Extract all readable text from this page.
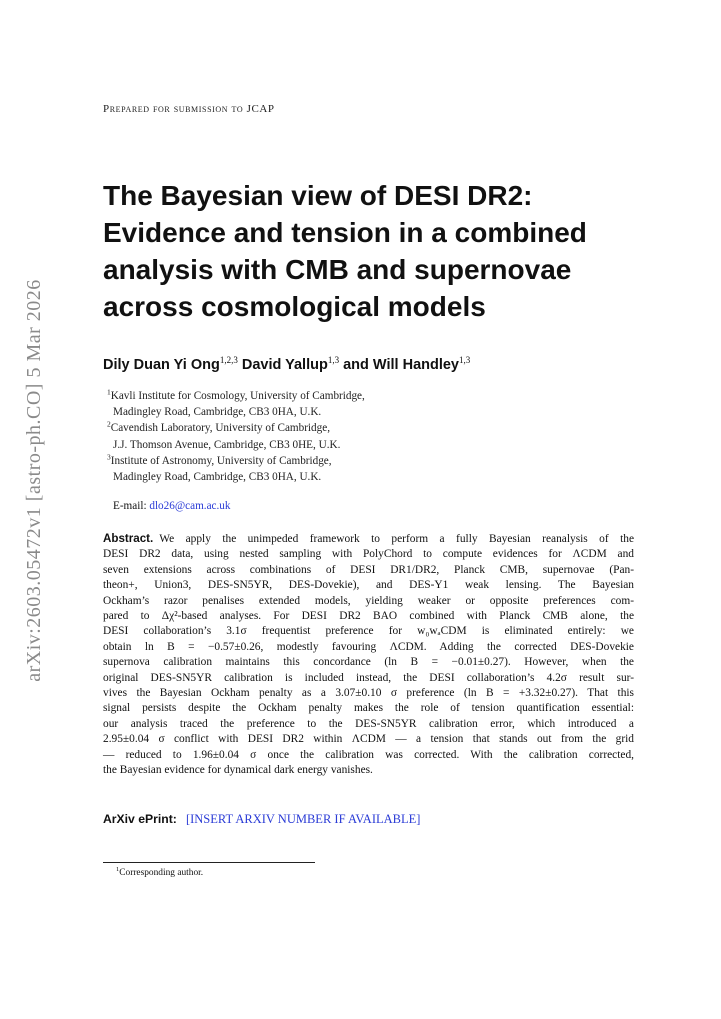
arXiv:2603.05472v1 [astro-ph.CO] 5 Mar 2026
Prepared for submission to JCAP
The Bayesian view of DESI DR2:
Evidence and tension in a combined
analysis with CMB and supernovae
across cosmological models
Dily Duan Yi Ong$^{1,2,3}$ David Yallup$^{1,3}$ and Will Handley$^{1,3}$
$^1$Kavli Institute for Cosmology, University of Cambridge,
Madingley Road, Cambridge, CB3 0HA, U.K.
$^2$Cavendish Laboratory, University of Cambridge,
J.J. Thomson Avenue, Cambridge, CB3 0HE, U.K.
$^3$Institute of Astronomy, University of Cambridge,
Madingley Road, Cambridge, CB3 0HA, U.K.
E-mail: dlo26@cam.ac.uk
Abstract. We apply the unimpeded framework to perform a fully Bayesian reanalysis of the
DESI DR2 data, using nested sampling with PolyChord to compute evidences for ΛCDM and
seven extensions across combinations of DESI DR1/DR2, Planck CMB, supernovae (Pan-
theon+, Union3, DES-SN5YR, DES-Dovekie), and DES-Y1 weak lensing. The Bayesian
Ockham’s razor penalises extended models, yielding weaker or opposite preferences com-
pared to Δχ²-based analyses. For DESI DR2 BAO combined with Planck CMB alone, the
DESI collaboration’s 3.1σ frequentist preference for w₀wₐCDM is eliminated entirely: we
obtain ln B = −0.57±0.26, modestly favouring ΛCDM. Adding the corrected DES-Dovekie
supernova calibration maintains this concordance (ln B = −0.01±0.27). However, when the
original DES-SN5YR calibration is included instead, the DESI collaboration’s 4.2σ result sur-
vives the Bayesian Ockham penalty as a 3.07±0.10 σ preference (ln B = +3.32±0.27). That this
signal persists despite the Ockham penalty makes the role of tension quantification essential:
our analysis traced the preference to the DES-SN5YR calibration error, which introduced a
2.95±0.04 σ conflict with DESI DR2 within ΛCDM — a tension that stands out from the grid
— reduced to 1.96±0.04 σ once the calibration was corrected. With the calibration corrected,
the Bayesian evidence for dynamical dark energy vanishes.
ArXiv ePrint: [INSERT ARXIV NUMBER IF AVAILABLE]
$^1$Corresponding author.
